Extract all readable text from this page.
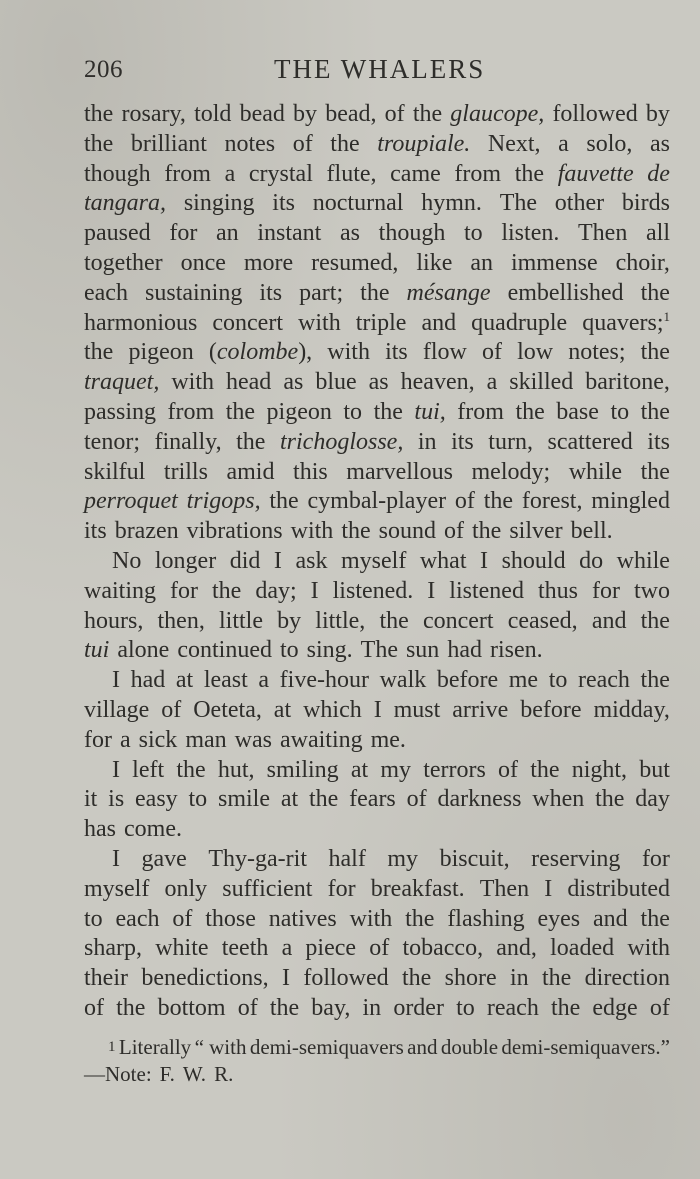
206	THE WHALERS
the rosary, told bead by bead, of the glaucope, followed by
the brilliant notes of the troupiale. Next, a solo, as
though from a crystal flute, came from the fauvette de
tangara, singing its nocturnal hymn. The other birds
paused for an instant as though to listen. Then all
together once more resumed, like an immense choir,
each sustaining its part; the mésange embellished the
harmonious concert with triple and quadruple quavers;$^1$
the pigeon (colombe), with its flow of low notes; the
traquet, with head as blue as heaven, a skilled baritone,
passing from the pigeon to the tui, from the base to the
tenor; finally, the trichoglosse, in its turn, scattered its
skilful trills amid this marvellous melody; while the
perroquet trigops, the cymbal-player of the forest, mingled
its brazen vibrations with the sound of the silver bell.
No longer did I ask myself what I should do while
waiting for the day; I listened. I listened thus for two
hours, then, little by little, the concert ceased, and the
tui alone continued to sing. The sun had risen.
I had at least a five-hour walk before me to reach the
village of Oeteta, at which I must arrive before midday,
for a sick man was awaiting me.
I left the hut, smiling at my terrors of the night, but
it is easy to smile at the fears of darkness when the day
has come.
I gave Thy-ga-rit half my biscuit, reserving for
myself only sufficient for breakfast. Then I distributed
to each of those natives with the flashing eyes and the
sharp, white teeth a piece of tobacco, and, loaded with
their benedictions, I followed the shore in the direction
of the bottom of the bay, in order to reach the edge of
1 Literally “ with demi-semiquavers and double demi-semiquavers.”
—Note: F. W. R.
